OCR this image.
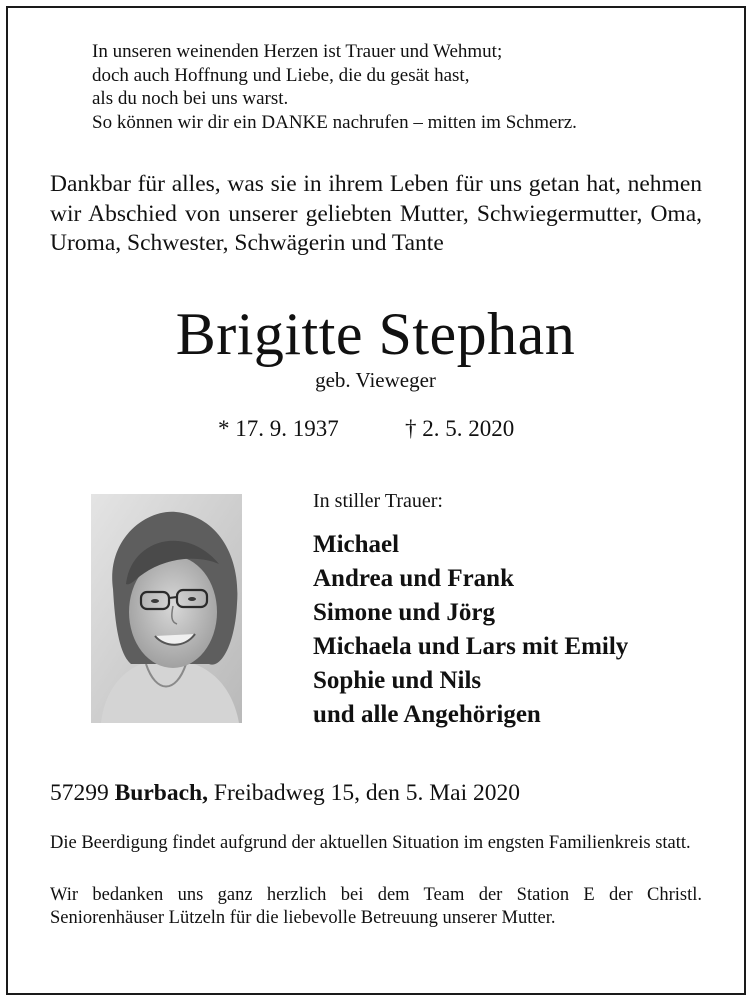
In unseren weinenden Herzen ist Trauer und Wehmut;
doch auch Hoffnung und Liebe, die du gesät hast,
als du noch bei uns warst.
So können wir dir ein DANKE nachrufen – mitten im Schmerz.
Dankbar für alles, was sie in ihrem Leben für uns getan hat, nehmen wir Abschied von unserer geliebten Mutter, Schwiegermutter, Oma, Uroma, Schwester, Schwägerin und Tante
Brigitte Stephan
geb. Vieweger
* 17. 9. 1937	† 2. 5. 2020
In stiller Trauer:
Michael
Andrea und Frank
Simone und Jörg
Michaela und Lars mit Emily
Sophie und Nils
und alle Angehörigen
57299 Burbach, Freibadweg 15, den 5. Mai 2020
Die Beerdigung findet aufgrund der aktuellen Situation im engsten Familienkreis statt.
Wir bedanken uns ganz herzlich bei dem Team der Station E der Christl. Seniorenhäuser Lützeln für die liebevolle Betreuung unserer Mutter.
